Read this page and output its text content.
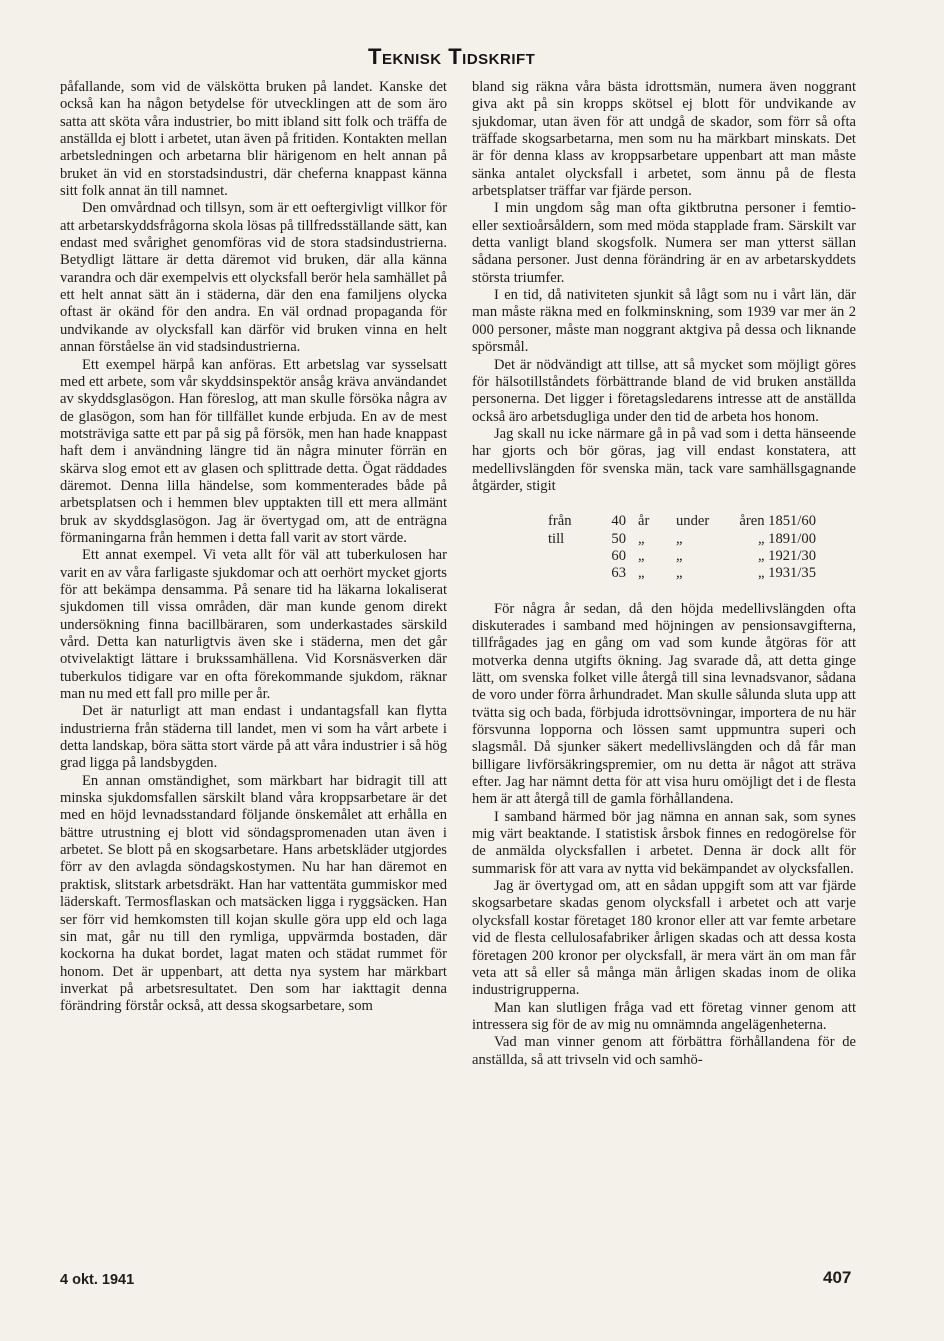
Teknisk Tidskrift

påfallande, som vid de välskötta bruken på landet. Kanske det också kan ha någon betydelse för utvecklingen att de som äro satta att sköta våra industrier, bo mitt ibland sitt folk och träffa de anställda ej blott i arbetet, utan även på fritiden. Kontakten mellan arbetsledningen och arbetarna blir härigenom en helt annan på bruket än vid en storstadsindustri, där cheferna knappast känna sitt folk annat än till namnet.

Den omvårdnad och tillsyn, som är ett oeftergivligt villkor för att arbetarskyddsfrågorna skola lösas på tillfredsställande sätt, kan endast med svårighet genomföras vid de stora stadsindustrierna. Betydligt lättare är detta däremot vid bruken, där alla känna varandra och där exempelvis ett olycksfall berör hela samhället på ett helt annat sätt än i städerna, där den ena familjens olycka oftast är okänd för den andra. En väl ordnad propaganda för undvikande av olycksfall kan därför vid bruken vinna en helt annan förståelse än vid stadsindustrierna.

Ett exempel härpå kan anföras. Ett arbetslag var sysselsatt med ett arbete, som vår skyddsinspektör ansåg kräva användandet av skyddsglasögon. Han föreslog, att man skulle försöka några av de glasögon, som han för tillfället kunde erbjuda. En av de mest motsträviga satte ett par på sig på försök, men han hade knappast haft dem i användning längre tid än några minuter förrän en skärva slog emot ett av glasen och splittrade detta. Ögat räddades däremot. Denna lilla händelse, som kommenterades både på arbetsplatsen och i hemmen blev upptakten till ett mera allmänt bruk av skyddsglasögon. Jag är övertygad om, att de enträgna förmaningarna från hemmen i detta fall varit av stort värde.

Ett annat exempel. Vi veta allt för väl att tuberkulosen har varit en av våra farligaste sjukdomar och att oerhört mycket gjorts för att bekämpa densamma. På senare tid ha läkarna lokaliserat sjukdomen till vissa områden, där man kunde genom direkt undersökning finna bacillbäraren, som underkastades särskild vård. Detta kan naturligtvis även ske i städerna, men det går otvivelaktigt lättare i brukssamhällena. Vid Korsnäsverken där tuberkulos tidigare var en ofta förekommande sjukdom, räknar man nu med ett fall pro mille per år.

Det är naturligt att man endast i undantagsfall kan flytta industrierna från städerna till landet, men vi som ha vårt arbete i detta landskap, böra sätta stort värde på att våra industrier i så hög grad ligga på landsbygden.

En annan omständighet, som märkbart har bidragit till att minska sjukdomsfallen särskilt bland våra kroppsarbetare är det med en höjd levnadsstandard följande önskemålet att erhålla en bättre utrustning ej blott vid söndagspromenaden utan även i arbetet. Se blott på en skogsarbetare. Hans arbetskläder utgjordes förr av den avlagda söndagskostymen. Nu har han däremot en praktisk, slitstark arbetsdräkt. Han har vattentäta gummiskor med läderskaft. Termosflaskan och matsäcken ligga i ryggsäcken. Han ser förr vid hemkomsten till kojan skulle göra upp eld och laga sin mat, går nu till den rymliga, uppvärmda bostaden, där kockorna ha dukat bordet, lagat maten och städat rummet för honom. Det är uppenbart, att detta nya system har märkbart inverkat på arbetsresultatet. Den som har iakttagit denna förändring förstår också, att dessa skogsarbetare, som

bland sig räkna våra bästa idrottsmän, numera även noggrant giva akt på sin kropps skötsel ej blott för undvikande av sjukdomar, utan även för att undgå de skador, som förr så ofta träffade skogsarbetarna, men som nu ha märkbart minskats. Det är för denna klass av kroppsarbetare uppenbart att man måste sänka antalet olycksfall i arbetet, som ännu på de flesta arbetsplatser träffar var fjärde person.

I min ungdom såg man ofta giktbrutna personer i femtio- eller sextioårsåldern, som med möda stapplade fram. Särskilt var detta vanligt bland skogsfolk. Numera ser man ytterst sällan sådana personer. Just denna förändring är en av arbetarskyddets största triumfer.

I en tid, då nativiteten sjunkit så lågt som nu i vårt län, där man måste räkna med en folkminskning, som 1939 var mer än 2 000 personer, måste man noggrant aktgiva på dessa och liknande spörsmål.

Det är nödvändigt att tillse, att så mycket som möjligt göres för hälsotillståndets förbättrande bland de vid bruken anställda personerna. Det ligger i företagsledarens intresse att de anställda också äro arbetsdugliga under den tid de arbeta hos honom.

Jag skall nu icke närmare gå in på vad som i detta hänseende har gjorts och bör göras, jag vill endast konstatera, att medellivslängden för svenska män, tack vare samhällsgagnande åtgärder, stigit

från	40 år	under	åren 1851/60
till	50 „	„	„ 1891/00
60 „	„	„ 1921/30
63 „	„	„ 1931/35

För några år sedan, då den höjda medellivslängden ofta diskuterades i samband med höjningen av pensionsavgifterna, tillfrågades jag en gång om vad som kunde åtgöras för att motverka denna utgifts ökning. Jag svarade då, att detta ginge lätt, om svenska folket ville återgå till sina levnadsvanor, sådana de voro under förra århundradet. Man skulle sålunda sluta upp att tvätta sig och bada, förbjuda idrottsövningar, importera de nu här försvunna lopporna och lössen samt uppmuntra superi och slagsmål. Då sjunker säkert medellivslängden och då får man billigare livförsäkringspremier, om nu detta är något att sträva efter. Jag har nämnt detta för att visa huru omöjligt det i de flesta hem är att återgå till de gamla förhållandena.

I samband härmed bör jag nämna en annan sak, som synes mig värt beaktande. I statistisk årsbok finnes en redogörelse för de anmälda olycksfallen i arbetet. Denna är dock allt för summarisk för att vara av nytta vid bekämpandet av olycksfallen.

Jag är övertygad om, att en sådan uppgift som att var fjärde skogsarbetare skadas genom olycksfall i arbetet och att varje olycksfall kostar företaget 180 kronor eller att var femte arbetare vid de flesta cellulosafabriker årligen skadas och att dessa kosta företagen 200 kronor per olycksfall, är mera värt än om man får veta att så eller så många män årligen skadas inom de olika industrigrupperna.

Man kan slutligen fråga vad ett företag vinner genom att intressera sig för de av mig nu omnämnda angelägenheterna.

Vad man vinner genom att förbättra förhållandena för de anställda, så att trivseln vid och samhö-

4 okt. 1941	407
